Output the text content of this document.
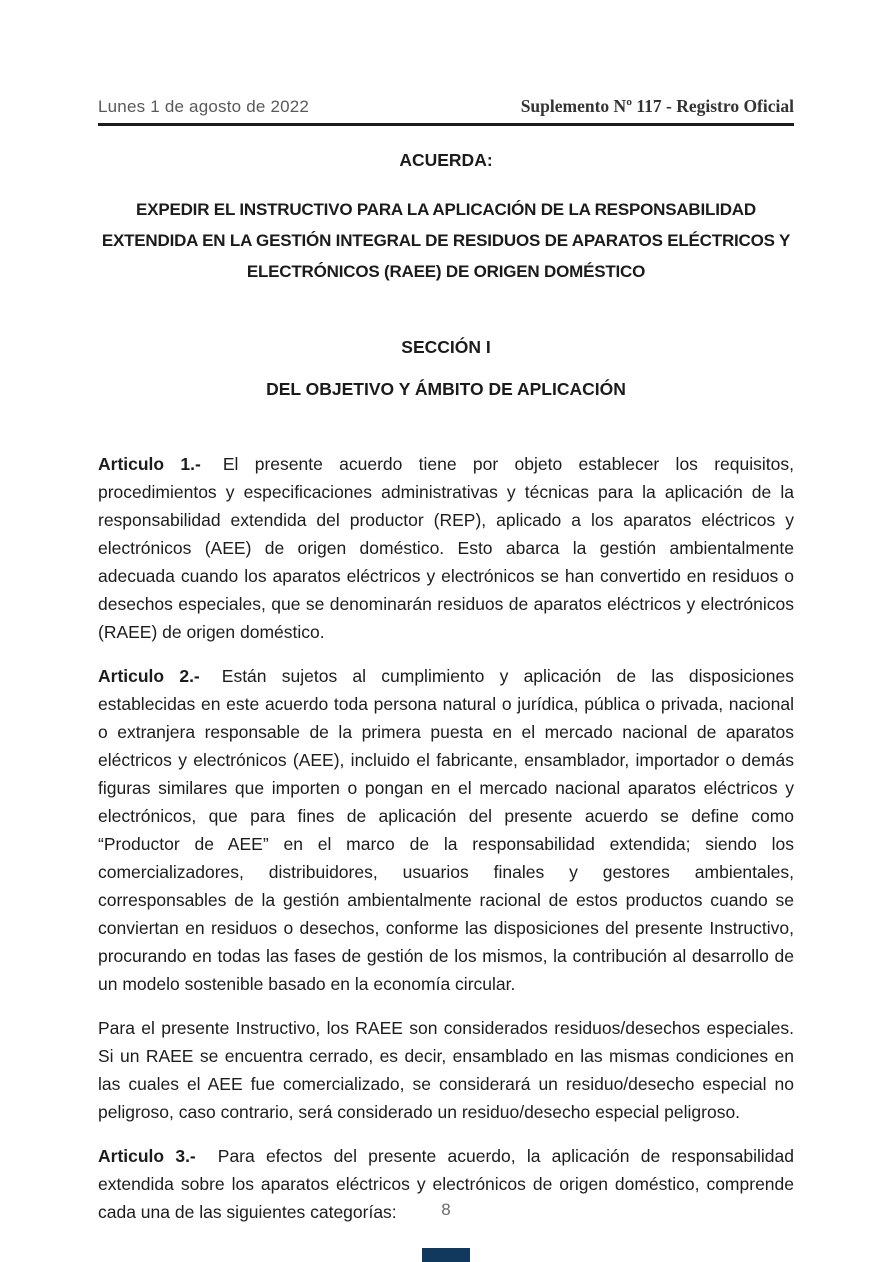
Lunes 1 de agosto de 2022	Suplemento Nº 117 - Registro Oficial
ACUERDA:
EXPEDIR EL INSTRUCTIVO PARA LA APLICACIÓN DE LA RESPONSABILIDAD EXTENDIDA EN LA GESTIÓN INTEGRAL DE RESIDUOS DE APARATOS ELÉCTRICOS Y ELECTRÓNICOS (RAEE) DE ORIGEN DOMÉSTICO
SECCIÓN I
DEL OBJETIVO Y ÁMBITO DE APLICACIÓN

Articulo 1.- El presente acuerdo tiene por objeto establecer los requisitos, procedimientos y especificaciones administrativas y técnicas para la aplicación de la responsabilidad extendida del productor (REP), aplicado a los aparatos eléctricos y electrónicos (AEE) de origen doméstico. Esto abarca la gestión ambientalmente adecuada cuando los aparatos eléctricos y electrónicos se han convertido en residuos o desechos especiales, que se denominarán residuos de aparatos eléctricos y electrónicos (RAEE) de origen doméstico.

Articulo 2.- Están sujetos al cumplimiento y aplicación de las disposiciones establecidas en este acuerdo toda persona natural o jurídica, pública o privada, nacional o extranjera responsable de la primera puesta en el mercado nacional de aparatos eléctricos y electrónicos (AEE), incluido el fabricante, ensamblador, importador o demás figuras similares que importen o pongan en el mercado nacional aparatos eléctricos y electrónicos, que para fines de aplicación del presente acuerdo se define como “Productor de AEE” en el marco de la responsabilidad extendida; siendo los comercializadores, distribuidores, usuarios finales y gestores ambientales, corresponsables de la gestión ambientalmente racional de estos productos cuando se conviertan en residuos o desechos, conforme las disposiciones del presente Instructivo, procurando en todas las fases de gestión de los mismos, la contribución al desarrollo de un modelo sostenible basado en la economía circular.

Para el presente Instructivo, los RAEE son considerados residuos/desechos especiales. Si un RAEE se encuentra cerrado, es decir, ensamblado en las mismas condiciones en las cuales el AEE fue comercializado, se considerará un residuo/desecho especial no peligroso, caso contrario, será considerado un residuo/desecho especial peligroso.

Articulo 3.- Para efectos del presente acuerdo, la aplicación de responsabilidad extendida sobre los aparatos eléctricos y electrónicos de origen doméstico, comprende cada una de las siguientes categorías:	8
